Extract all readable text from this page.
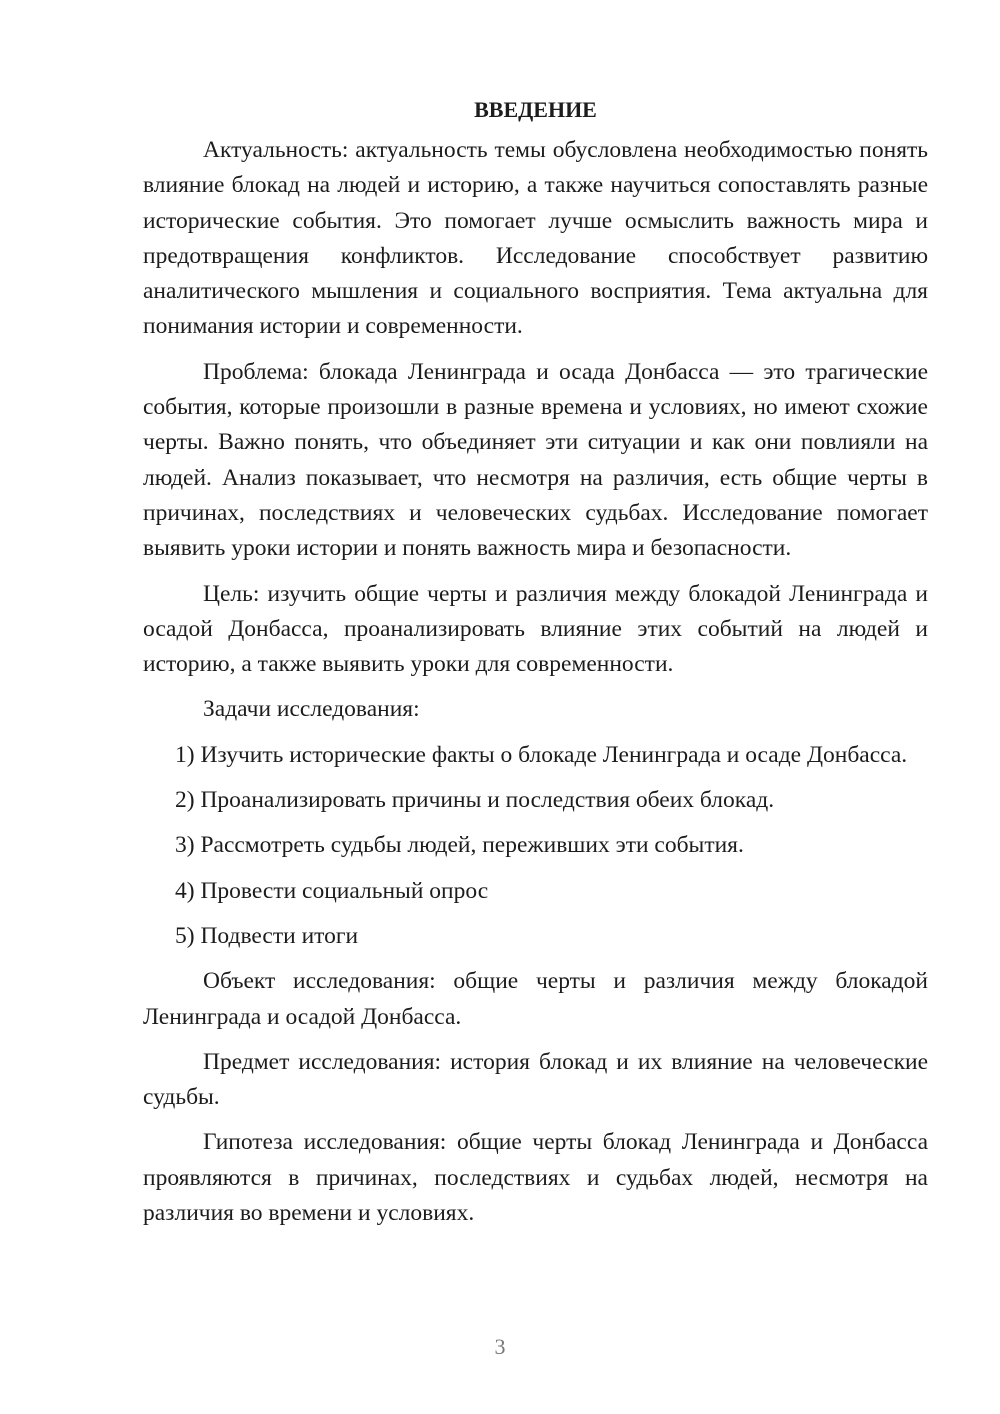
ВВЕДЕНИЕ

Актуальность: актуальность темы обусловлена необходимостью понять влияние блокад на людей и историю, а также научиться сопоставлять разные исторические события. Это помогает лучше осмыслить важность мира и предотвращения конфликтов. Исследование способствует развитию аналитического мышления и социального восприятия. Тема актуальна для понимания истории и современности.

Проблема: блокада Ленинграда и осада Донбасса — это трагические события, которые произошли в разные времена и условиях, но имеют схожие черты. Важно понять, что объединяет эти ситуации и как они повлияли на людей. Анализ показывает, что несмотря на различия, есть общие черты в причинах, последствиях и человеческих судьбах. Исследование помогает выявить уроки истории и понять важность мира и безопасности.

Цель: изучить общие черты и различия между блокадой Ленинграда и осадой Донбасса, проанализировать влияние этих событий на людей и историю, а также выявить уроки для современности.

Задачи исследования:

1) Изучить исторические факты о блокаде Ленинграда и осаде Донбасса.

2) Проанализировать причины и последствия обеих блокад.

3) Рассмотреть судьбы людей, переживших эти события.

4) Провести социальный опрос

5) Подвести итоги

Объект исследования: общие черты и различия между блокадой Ленинграда и осадой Донбасса.

Предмет исследования: история блокад и их влияние на человеческие судьбы.

Гипотеза исследования: общие черты блокад Ленинграда и Донбасса проявляются в причинах, последствиях и судьбах людей, несмотря на различия во времени и условиях.

3
